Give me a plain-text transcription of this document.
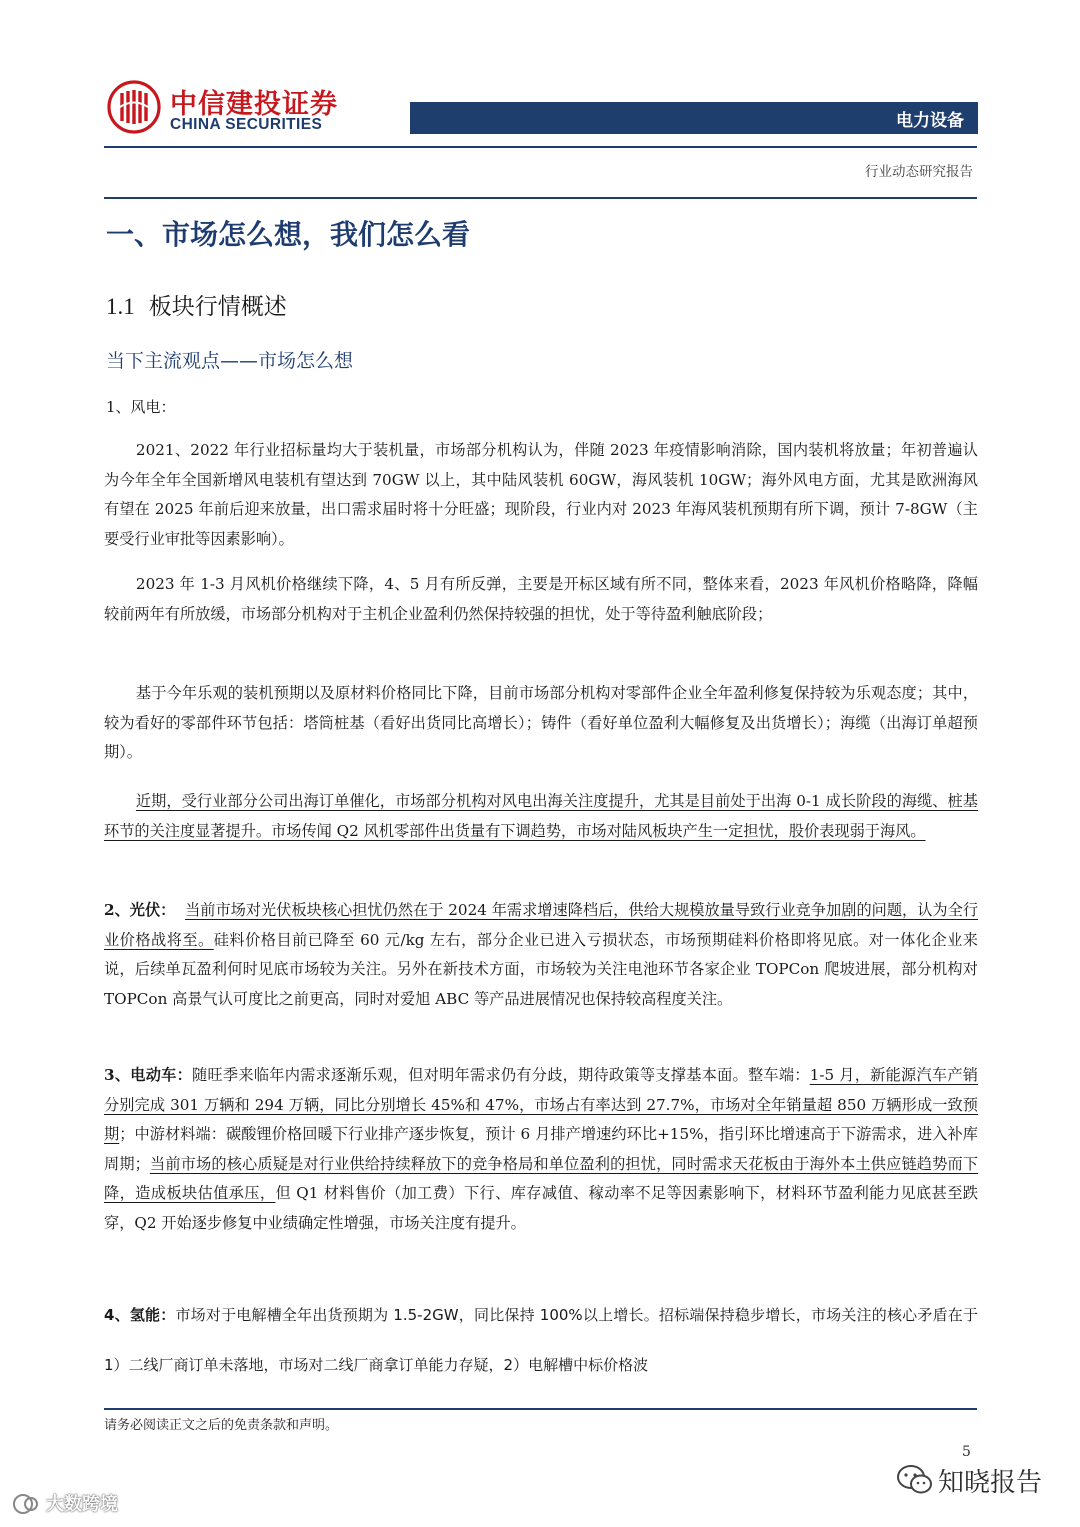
中信建投证券
CHINA SECURITIES	电力设备
行业动态研究报告
一、市场怎么想，我们怎么看
1.1 板块行情概述
当下主流观点——市场怎么想
1、风电：

2021、2022 年行业招标量均大于装机量，市场部分机构认为，伴随 2023 年疫情影响消除，国内装机将放量；年初普遍认为今年全年全国新增风电装机有望达到 70GW 以上，其中陆风装机 60GW，海风装机 10GW；海外风电方面，尤其是欧洲海风有望在 2025 年前后迎来放量，出口需求届时将十分旺盛；现阶段，行业内对 2023 年海风装机预期有所下调，预计 7-8GW（主要受行业审批等因素影响）。

2023 年 1-3 月风机价格继续下降，4、5 月有所反弹，主要是开标区域有所不同，整体来看，2023 年风机价格略降，降幅较前两年有所放缓，市场部分机构对于主机企业盈利仍然保持较强的担忧，处于等待盈利触底阶段；

基于今年乐观的装机预期以及原材料价格同比下降，目前市场部分机构对零部件企业全年盈利修复保持较为乐观态度；其中，较为看好的零部件环节包括：塔筒桩基（看好出货同比高增长）；铸件（看好单位盈利大幅修复及出货增长）；海缆（出海订单超预期）。

近期，受行业部分公司出海订单催化，市场部分机构对风电出海关注度提升，尤其是目前处于出海 0-1 成长阶段的海缆、桩基环节的关注度显著提升。市场传闻 Q2 风机零部件出货量有下调趋势，市场对陆风板块产生一定担忧，股价表现弱于海风。

2、光伏： 当前市场对光伏板块核心担忧仍然在于 2024 年需求增速降档后，供给大规模放量导致行业竞争加剧的问题，认为全行业价格战将至。硅料价格目前已降至 60 元/kg 左右，部分企业已进入亏损状态，市场预期硅料价格即将见底。对一体化企业来说，后续单瓦盈利何时见底市场较为关注。另外在新技术方面，市场较为关注电池环节各家企业 TOPCon 爬坡进展，部分机构对 TOPCon 高景气认可度比之前更高，同时对爱旭 ABC 等产品进展情况也保持较高程度关注。

3、电动车：随旺季来临年内需求逐渐乐观，但对明年需求仍有分歧，期待政策等支撑基本面。整车端：1-5 月，新能源汽车产销分别完成 301 万辆和 294 万辆，同比分别增长 45%和 47%，市场占有率达到 27.7%，市场对全年销量超 850 万辆形成一致预期；中游材料端：碳酸锂价格回暖下行业排产逐步恢复，预计 6 月排产增速约环比+15%，指引环比增速高于下游需求，进入补库周期；当前市场的核心质疑是对行业供给持续释放下的竞争格局和单位盈利的担忧，同时需求天花板由于海外本土供应链趋势而下降，造成板块估值承压，但 Q1 材料售价（加工费）下行、库存减值、稼动率不足等因素影响下，材料环节盈利能力见底甚至跌穿，Q2 开始逐步修复中业绩确定性增强，市场关注度有提升。

4、氢能：市场对于电解槽全年出货预期为 1.5-2GW，同比保持 100%以上增长。招标端保持稳步增长，市场关注的核心矛盾在于 1）二线厂商订单未落地，市场对二线厂商拿订单能力存疑，2）电解槽中标价格波

请务必阅读正文之后的免责条款和声明。
5
大数跨境
知晓报告
